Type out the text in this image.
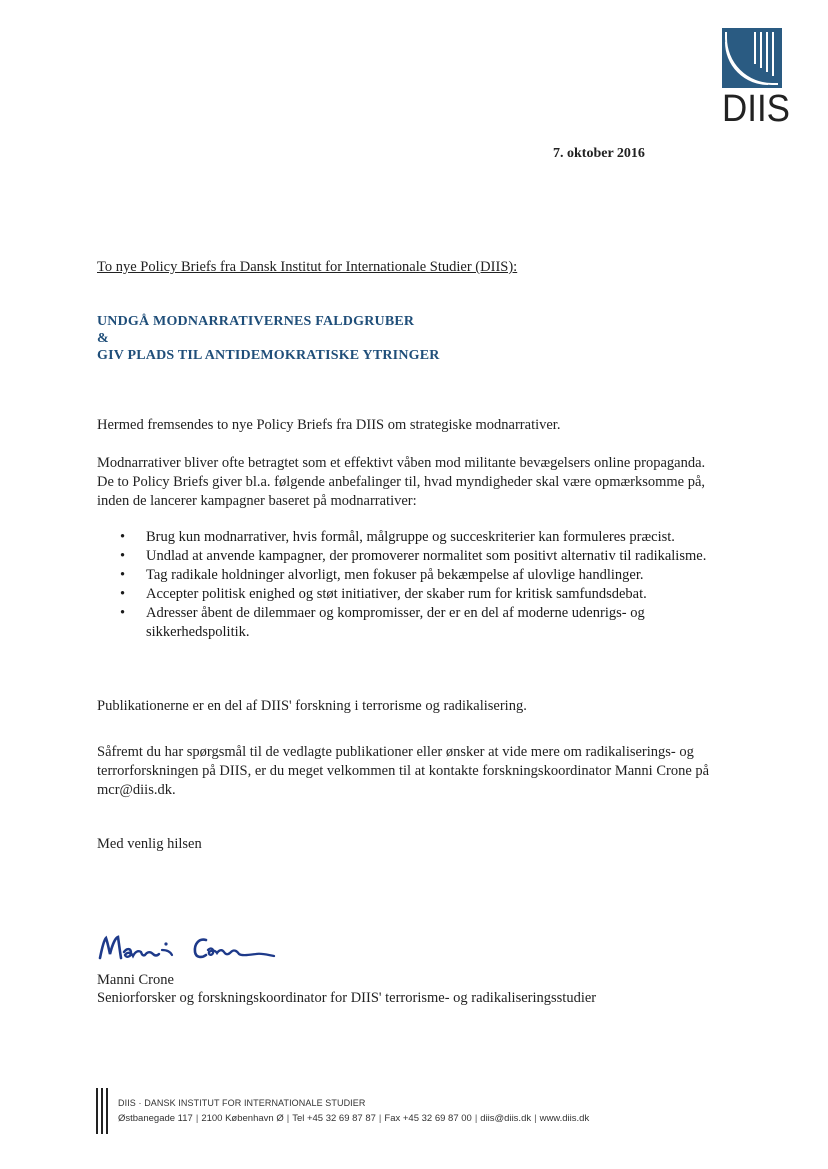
DIIS
7. oktober 2016
To nye Policy Briefs fra Dansk Institut for Internationale Studier (DIIS):
UNDGÅ MODNARRATIVERNES FALDGRUBER
&
GIV PLADS TIL ANTIDEMOKRATISKE YTRINGER
Hermed fremsendes to nye Policy Briefs fra DIIS om strategiske modnarrativer.
Modnarrativer bliver ofte betragtet som et effektivt våben mod militante bevægelsers online propaganda. De to Policy Briefs giver bl.a. følgende anbefalinger til, hvad myndigheder skal være opmærksomme på, inden de lancerer kampagner baseret på modnarrativer:
• Brug kun modnarrativer, hvis formål, målgruppe og succeskriterier kan formuleres præcist.
• Undlad at anvende kampagner, der promoverer normalitet som positivt alternativ til radikalisme.
• Tag radikale holdninger alvorligt, men fokuser på bekæmpelse af ulovlige handlinger.
• Accepter politisk enighed og støt initiativer, der skaber rum for kritisk samfundsdebat.
• Adresser åbent de dilemmaer og kompromisser, der er en del af moderne udenrigs- og sikkerhedspolitik.
Publikationerne er en del af DIIS' forskning i terrorisme og radikalisering.
Såfremt du har spørgsmål til de vedlagte publikationer eller ønsker at vide mere om radikaliserings- og terrorforskningen på DIIS, er du meget velkommen til at kontakte forskningskoordinator Manni Crone på mcr@diis.dk.
Med venlig hilsen
Manni Crone
Seniorforsker og forskningskoordinator for DIIS' terrorisme- og radikaliseringsstudier
DIIS · DANSK INSTITUT FOR INTERNATIONALE STUDIER
Østbanegade 117 | 2100 København Ø | Tel +45 32 69 87 87 | Fax +45 32 69 87 00 | diis@diis.dk | www.diis.dk
